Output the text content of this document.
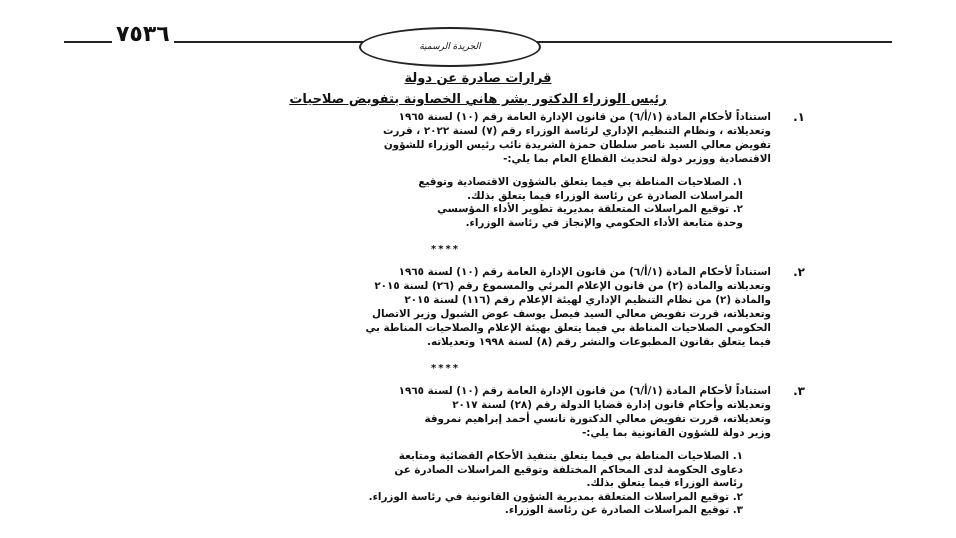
٧٥٣٦	الجريدة الرسمية
قرارات صادرة عن دولة
رئيس الوزراء الدكتور بشر هاني الخصاونة بتفويض صلاحيات
١.

استناداً لأحكام المادة (١/أ/٦) من قانون الإدارة العامة رقم (١٠) لسنة ١٩٦٥

وتعديلاته ، ونظام التنظيم الإداري لرئاسة الوزراء رقم (٧) لسنة ٢٠٢٢ ، قررت

تفويض معالي السيد ناصر سلطان حمزة الشريدة نائب رئيس الوزراء للشؤون

الاقتصادية ووزير دولة لتحديث القطاع العام بما يلي:-

١. الصلاحيات المناطة بي فيما يتعلق بالشؤون الاقتصادية وتوقيع

المراسلات الصادرة عن رئاسة الوزراء فيما يتعلق بذلك.

٢. توقيع المراسلات المتعلقة بمديرية تطوير الأداء المؤسسي

وحدة متابعة الأداء الحكومي والإنجاز في رئاسة الوزراء.

****
٢.

استناداً لأحكام المادة (١/أ/٦) من قانون الإدارة العامة رقم (١٠) لسنة ١٩٦٥

وتعديلاته والمادة (٢) من قانون الإعلام المرئي والمسموع رقم (٢٦) لسنة ٢٠١٥

والمادة (٢) من نظام التنظيم الإداري لهيئة الإعلام رقم (١١٦) لسنة ٢٠١٥

وتعديلاته، قررت تفويض معالي السيد فيصل يوسف عوض الشبول وزير الاتصال

الحكومي الصلاحيات المناطة بي فيما يتعلق بهيئة الإعلام والصلاحيات المناطة بي

فيما يتعلق بقانون المطبوعات والنشر رقم (٨) لسنة ١٩٩٨ وتعديلاته.

****
٣.

استناداً لأحكام المادة (١/أ/٦) من قانون الإدارة العامة رقم (١٠) لسنة ١٩٦٥

وتعديلاته وأحكام قانون إدارة قضايا الدولة رقم (٢٨) لسنة ٢٠١٧

وتعديلاته، قررت تفويض معالي الدكتورة نانسي أحمد إبراهيم نمروقة

وزير دولة للشؤون القانونية بما يلي:-

١. الصلاحيات المناطة بي فيما يتعلق بتنفيذ الأحكام القضائية ومتابعة

دعاوى الحكومة لدى المحاكم المختلفة وتوقيع المراسلات الصادرة عن

رئاسة الوزراء فيما يتعلق بذلك.

٢. توقيع المراسلات المتعلقة بمديرية الشؤون القانونية في رئاسة الوزراء.

٣. توقيع المراسلات الصادرة عن رئاسة الوزراء.
